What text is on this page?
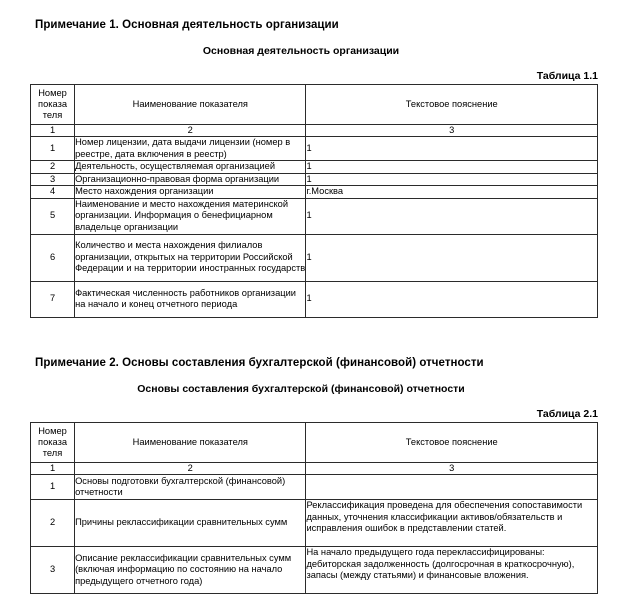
Примечание 1. Основная деятельность организации
Основная деятельность организации
Таблица 1.1
Номер
показа
теля	Наименование показателя	Текстовое пояснение
1	2	3
1	Номер лицензии, дата выдачи лицензии (номер в реестре, дата включения в реестр)	1
2	Деятельность, осуществляемая организацией	1
3	Организационно-правовая форма организации	1
4	Место нахождения организации	г.Москва
5	Наименование и место нахождения материнской организации. Информация о бенефициарном владельце организации	1
6	Количество и места нахождения филиалов организации, открытых на территории Российской Федерации и на территории иностранных государств	1
7	Фактическая численность работников организации на начало и конец отчетного периода	1
Примечание 2. Основы составления бухгалтерской (финансовой) отчетности
Основы составления бухгалтерской (финансовой) отчетности
Таблица 2.1
Номер
показа
теля	Наименование показателя	Текстовое пояснение
1	2	3
1	Основы подготовки бухгалтерской (финансовой) отчетности	
2	Причины реклассификации сравнительных сумм	Реклассификация проведена для обеспечения сопоставимости данных, уточнения классификации активов/обязательств и исправления ошибок в представлении статей.
3	Описание реклассификации сравнительных сумм (включая информацию по состоянию на начало предыдущего отчетного года)	На начало предыдущего года переклассифицированы: дебиторская задолженность (долгосрочная в краткосрочную), запасы (между статьями) и финансовые вложения.
